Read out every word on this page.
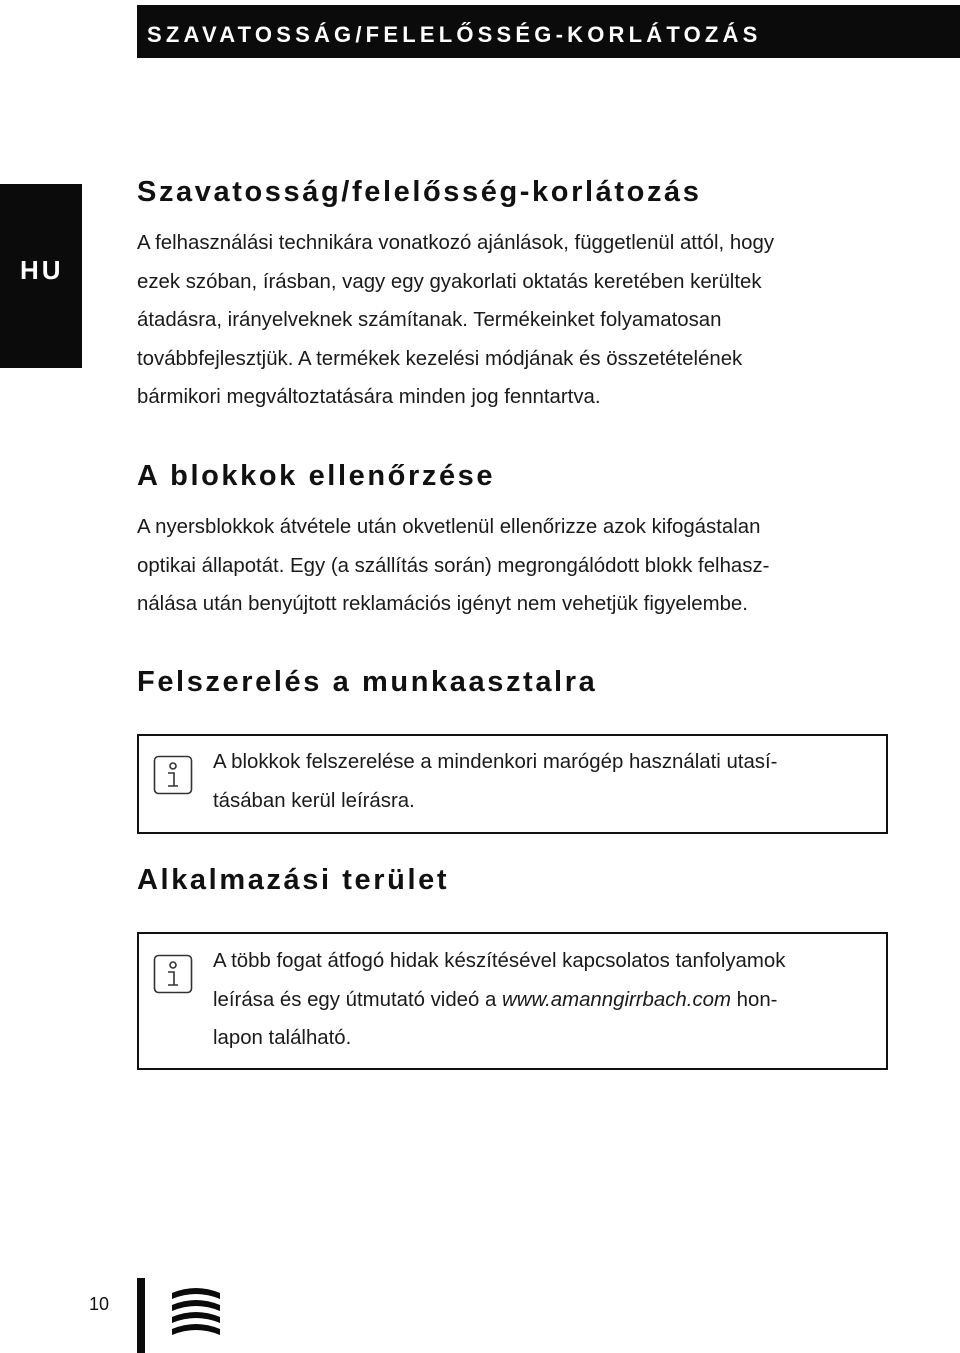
SZAVATOSSÁG/FELELŐSSÉG-KORLÁTOZÁS
HU
Szavatosság/felelősség-korlátozás

A felhasználási technikára vonatkozó ajánlások, függetlenül attól, hogy
ezek szóban, írásban, vagy egy gyakorlati oktatás keretében kerültek
átadásra, irányelveknek számítanak. Termékeinket folyamatosan
továbbfejlesztjük. A termékek kezelési módjának és összetételének
bármikori megváltoztatására minden jog fenntartva.

A blokkok ellenőrzése

A nyersblokkok átvétele után okvetlenül ellenőrizze azok kifogástalan
optikai állapotát. Egy (a szállítás során) megrongálódott blokk felhasz-
nálása után benyújtott reklamációs igényt nem vehetjük figyelembe.

Felszerelés a munkaasztalra

A blokkok felszerelése a mindenkori marógép használati utasí-
tásában kerül leírásra.

Alkalmazási terület

A több fogat átfogó hidak készítésével kapcsolatos tanfolyamok
leírása és egy útmutató videó a www.amanngirrbach.com hon-
lapon található.

10
